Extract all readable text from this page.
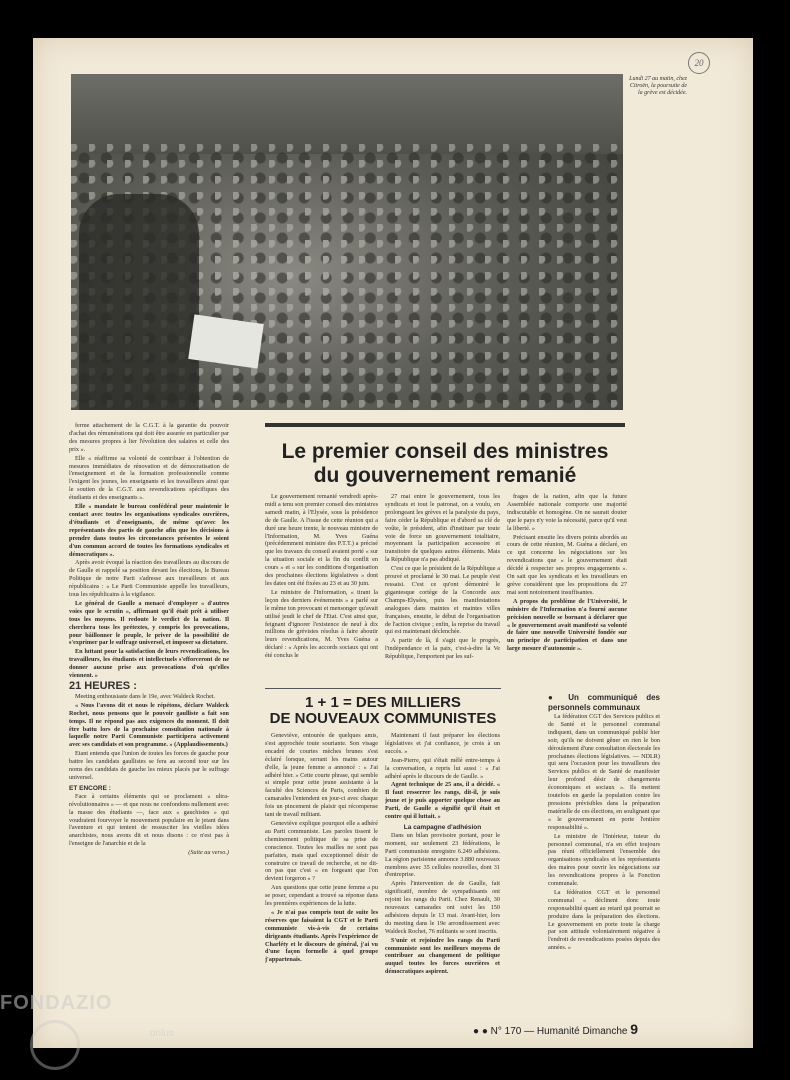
20
Lundi 27 au matin, chez Citroën, la poursuite de la grève est décidée.

ferme attachement de la C.G.T. à la garantie du pouvoir d'achat des rémunérations qui doit être assurée en particulier par des mesures propres à lier l'évolution des salaires et celle des prix ».

Elle « réaffirme sa volonté de contribuer à l'obtention de mesures immédiates de rénovation et de démocratisation de l'enseignement et de la formation professionnelle comme l'exigent les jeunes, les enseignants et les travailleurs ainsi que le soutien de la C.G.T. aux revendications spécifiques des étudiants et des enseignants ».

Elle « mandate le bureau confédéral pour maintenir le contact avec toutes les organisations syndicales ouvrières, d'étudiants et d'enseignants, de même qu'avec les représentants des partis de gauche afin que les décisions à prendre dans toutes les circonstances présentes le soient d'un commun accord de toutes les formations syndicales et démocratiques ».

Après avoir évoqué la réaction des travailleurs au discours de de Gaulle et rappelé sa position devant les élections, le Bureau Politique de notre Parti s'adresse aux travailleurs et aux républicains : « Le Parti Communiste appelle les travailleurs, tous les républicains à la vigilance.

Le général de Gaulle a menacé d'employer « d'autres voies que le scrutin », affirmant qu'il était prêt à utiliser tous les moyens. Il redoute le verdict de la nation. Il cherchera tous les prétextes, y compris les provocations, pour bâillonner le peuple, le priver de la possibilité de s'exprimer par le suffrage universel, et imposer sa dictature.

En luttant pour la satisfaction de leurs revendications, les travailleurs, les étudiants et intellectuels s'efforceront de ne donner aucune prise aux provocations d'où qu'elles viennent. »

21 HEURES :

Meeting enthousiaste dans le 19e, avec Waldeck Rochet.

« Nous l'avons dit et nous le répétons, déclare Waldeck Rochet, nous pensons que le pouvoir gaulliste a fait son temps. Il ne répond pas aux exigences du moment. Il doit être battu lors de la prochaine consultation nationale à laquelle notre Parti Communiste participera activement avec ses candidats et son programme. » (Applaudissements.)

Etant entendu que l'union de toutes les forces de gauche pour battre les candidats gaullistes se fera au second tour sur les noms des candidats de gauche les mieux placés par le suffrage universel.

ET ENCORE :

Face à certains éléments qui se proclament « ultra-révolutionnaires » — et que nous ne confondons nullement avec la masse des étudiants —, face aux « gauchistes » qui voudraient fourvoyer le mouvement populaire en le jetant dans l'aventure et qui tentent de ressusciter les vieilles idées anarchistes, nous avons dit et nous disons : ce n'est pas à l'enseigne de l'anarchie et de la

(Suite au verso.)

Le premier conseil des ministres
du gouvernement remanié

Le gouvernement remanié vendredi après-midi a tenu son premier conseil des ministres samedi matin, à l'Elysée, sous la présidence de de Gaulle. A l'issue de cette réunion qui a duré une heure trente, le nouveau ministre de l'Information, M. Yves Guéna (précédemment ministre des P.T.T.) a précisé que les travaux du conseil avaient porté « sur la situation sociale et la fin du conflit en cours » et « sur les conditions d'organisation des prochaines élections législatives » dont les dates ont été fixées au 23 et au 30 juin.

Le ministre de l'Information, « tirant la leçon des derniers événements » a parlé sur le même ton provocant et mensonger qu'avait utilisé jeudi le chef de l'Etat. C'est ainsi que, feignant d'ignorer l'existence de neuf à dix millions de grévistes résolus à faire aboutir leurs revendications, M. Yves Guéna a déclaré : « Après les accords sociaux qui ont été conclus le

27 mai entre le gouvernement, tous les syndicats et tout le patronat, on a voulu, en prolongeant les grèves et la paralysie du pays, faire céder la République et d'abord sa clé de voûte, le président, afin d'instituer par toute voie de force un gouvernement totalitaire, moyennant la participation accessoire et transitoire de quelques autres éléments. Mais la République n'a pas abdiqué.

C'est ce que le président de la République a prouvé et proclamé le 30 mai. Le peuple s'est ressaisi. C'est ce qu'ont démontré le gigantesque cortège de la Concorde aux Champs-Elysées, puis les manifestations analogues dans maintes et maintes villes françaises, ensuite, le début de l'organisation de l'action civique ; enfin, la reprise du travail qui est maintenant déclenchée.

A partir de là, il s'agit que le progrès, l'indépendance et la paix, c'est-à-dire la Ve République, l'emportent par les suf-

frages de la nation, afin que la future Assemblée nationale comporte une majorité indiscutable et homogène. On ne saurait douter que le pays n'y voie la nécessité, parce qu'il veut la liberté. »

Précisant ensuite les divers points abordés au cours de cette réunion, M. Guéna a déclaré, en ce qui concerne les négociations sur les revendications que « le gouvernement était décidé à respecter ses propres engagements ». On sait que les syndicats et les travailleurs en grève considèrent que les propositions du 27 mai sont notoirement insuffisantes.

A propos du problème de l'Université, le ministre de l'Information n'a fourni aucune précision nouvelle se bornant à déclarer que « le gouvernement avait manifesté sa volonté de faire une nouvelle Université fondée sur un principe de participation et dans une large mesure d'autonomie ».

1 + 1 = DES MILLIERS
DE NOUVEAUX COMMUNISTES

Geneviève, entourée de quelques amis, s'est approchée toute souriante. Son visage encadré de courtes mèches brunes s'est éclairé lorsque, serrant les mains autour d'elle, la jeune femme a annoncé : « J'ai adhéré hier. » Cette courte phrase, qui semble si simple pour cette jeune assistante à la faculté des Sciences de Paris, combien de camarades l'entendent en jour-ci avec chaque fois un pincement de plaisir qui récompense tant de travail militant.

Geneviève explique pourquoi elle a adhéré au Parti communiste. Les paroles tissent le cheminement politique de sa prise de conscience. Toutes les mailles ne sont pas parfaites, mais quel exceptionnel désir de construire ce travail de recherche, et ne dit-on pas que c'est « en forgeant que l'on devient forgeron » ?

Aux questions que cette jeune femme a pu se poser, cependant a trouvé sa réponse dans les premières expériences de la lutte.

« Je n'ai pas compris tout de suite les réserves que faisaient la CGT et le Parti communiste vis-à-vis de certains dirigeants étudiants. Après l'expérience de Charléty et le discours de général, j'ai vu d'une façon formelle à quel groupe j'appartenais.

Maintenant il faut préparer les élections législatives et j'ai confiance, je crois à un succès. »

Jean-Pierre, qui s'était mêlé entre-temps à la conversation, a repris lui aussi : « J'ai adhéré après le discours de de Gaulle. »

Agent technique de 25 ans, il a décidé. « Il faut resserrer les rangs, dit-il, je suis jeune et je puis apporter quelque chose au Parti, de Gaulle a signifié qu'il était et contre qui il luttait. »

La campagne d'adhésion

Dans un bilan provisoire portant, pour le moment, sur seulement 23 fédérations, le Parti communiste enregistre 6.249 adhésions. La région parisienne annonce 3.880 nouveaux membres avec 35 cellules nouvelles, dont 31 d'entreprise.

Après l'intervention de de Gaulle, fait significatif, nombre de sympathisants ont rejoint les rangs du Parti. Chez Renault, 30 nouveaux camarades ont suivi les 150 adhésions depuis le 13 mai. Avant-hier, lors du meeting dans le 19e arrondissement avec Waldeck Rochet, 76 militants se sont inscrits.

S'unir et rejoindre les rangs du Parti communiste sont les meilleurs moyens de contribuer au changement de politique auquel toutes les forces ouvrières et démocratiques aspirent.

● Un communiqué des personnels communaux

La fédération CGT des Services publics et de Santé et le personnel communal indiquent, dans un communiqué publié hier soir, qu'ils ne doivent gêner en rien le bon déroulement d'une consultation électorale les prochaines élections législatives. — NDLR) qui sera l'occasion pour les travailleurs des Services publics et de Santé de manifester leur profond désir de changements économiques et sociaux ». Ils mettent toutefois en garde la population contre les pressions prévisibles dans la préparation matérielle de ces élections, en soulignant que « le gouvernement en porte l'entière responsabilité ».

Le ministre de l'Intérieur, tuteur du personnel communal, n'a en effet toujours pas réuni officiellement l'ensemble des organisations syndicales et les représentants des maires pour ouvrir les négociations sur les revendications propres à la Fonction communale.

La fédération CGT et le personnel communal « déclinent donc toute responsabilité quant au retard qui pourrait se produire dans la préparation des élections. Le gouvernement en porte toute la charge par son attitude volontairement négative à l'endroit de revendications posées depuis des années. »

● ● N° 170 — Humanité Dimanche 9
FONDAZIO
onlus
